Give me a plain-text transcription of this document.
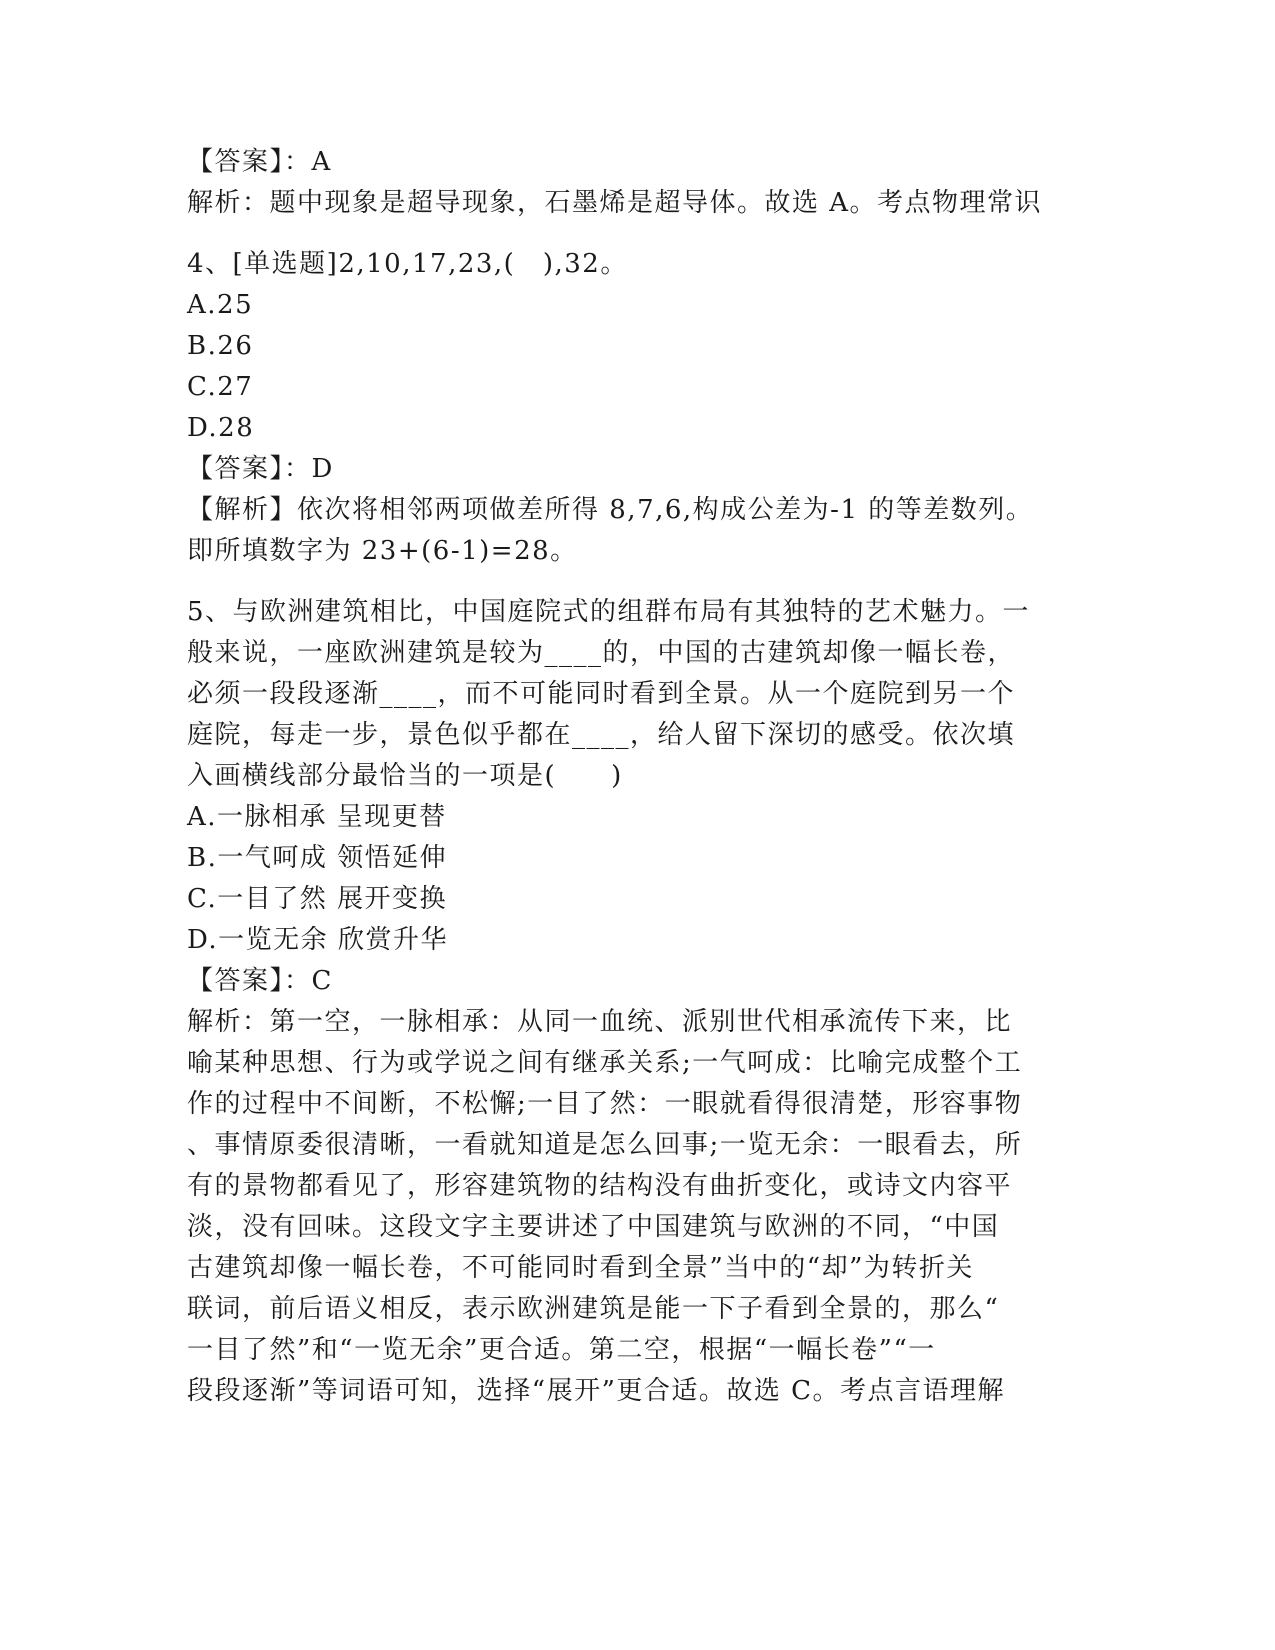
【答案】：A
解析：题中现象是超导现象，石墨烯是超导体。故选 A。考点物理常识
4、[单选题]2,10,17,23,(　),32。
A.25
B.26
C.27
D.28
【答案】：D
【解析】依次将相邻两项做差所得 8,7,6,构成公差为-1 的等差数列。
即所填数字为 23+(6-1)=28。
5、与欧洲建筑相比，中国庭院式的组群布局有其独特的艺术魅力。一
般来说，一座欧洲建筑是较为____的，中国的古建筑却像一幅长卷，
必须一段段逐渐____，而不可能同时看到全景。从一个庭院到另一个
庭院，每走一步，景色似乎都在____，给人留下深切的感受。依次填
入画横线部分最恰当的一项是(　　)
A.一脉相承 呈现更替
B.一气呵成 领悟延伸
C.一目了然 展开变换
D.一览无余 欣赏升华
【答案】：C
解析：第一空，一脉相承：从同一血统、派别世代相承流传下来，比
喻某种思想、行为或学说之间有继承关系;一气呵成：比喻完成整个工
作的过程中不间断，不松懈;一目了然：一眼就看得很清楚，形容事物
、事情原委很清晰，一看就知道是怎么回事;一览无余：一眼看去，所
有的景物都看见了，形容建筑物的结构没有曲折变化，或诗文内容平
淡，没有回味。这段文字主要讲述了中国建筑与欧洲的不同，“中国
古建筑却像一幅长卷，不可能同时看到全景”当中的“却”为转折关
联词，前后语义相反，表示欧洲建筑是能一下子看到全景的，那么“
一目了然”和“一览无余”更合适。第二空，根据“一幅长卷”“一
段段逐渐”等词语可知，选择“展开”更合适。故选 C。考点言语理解
